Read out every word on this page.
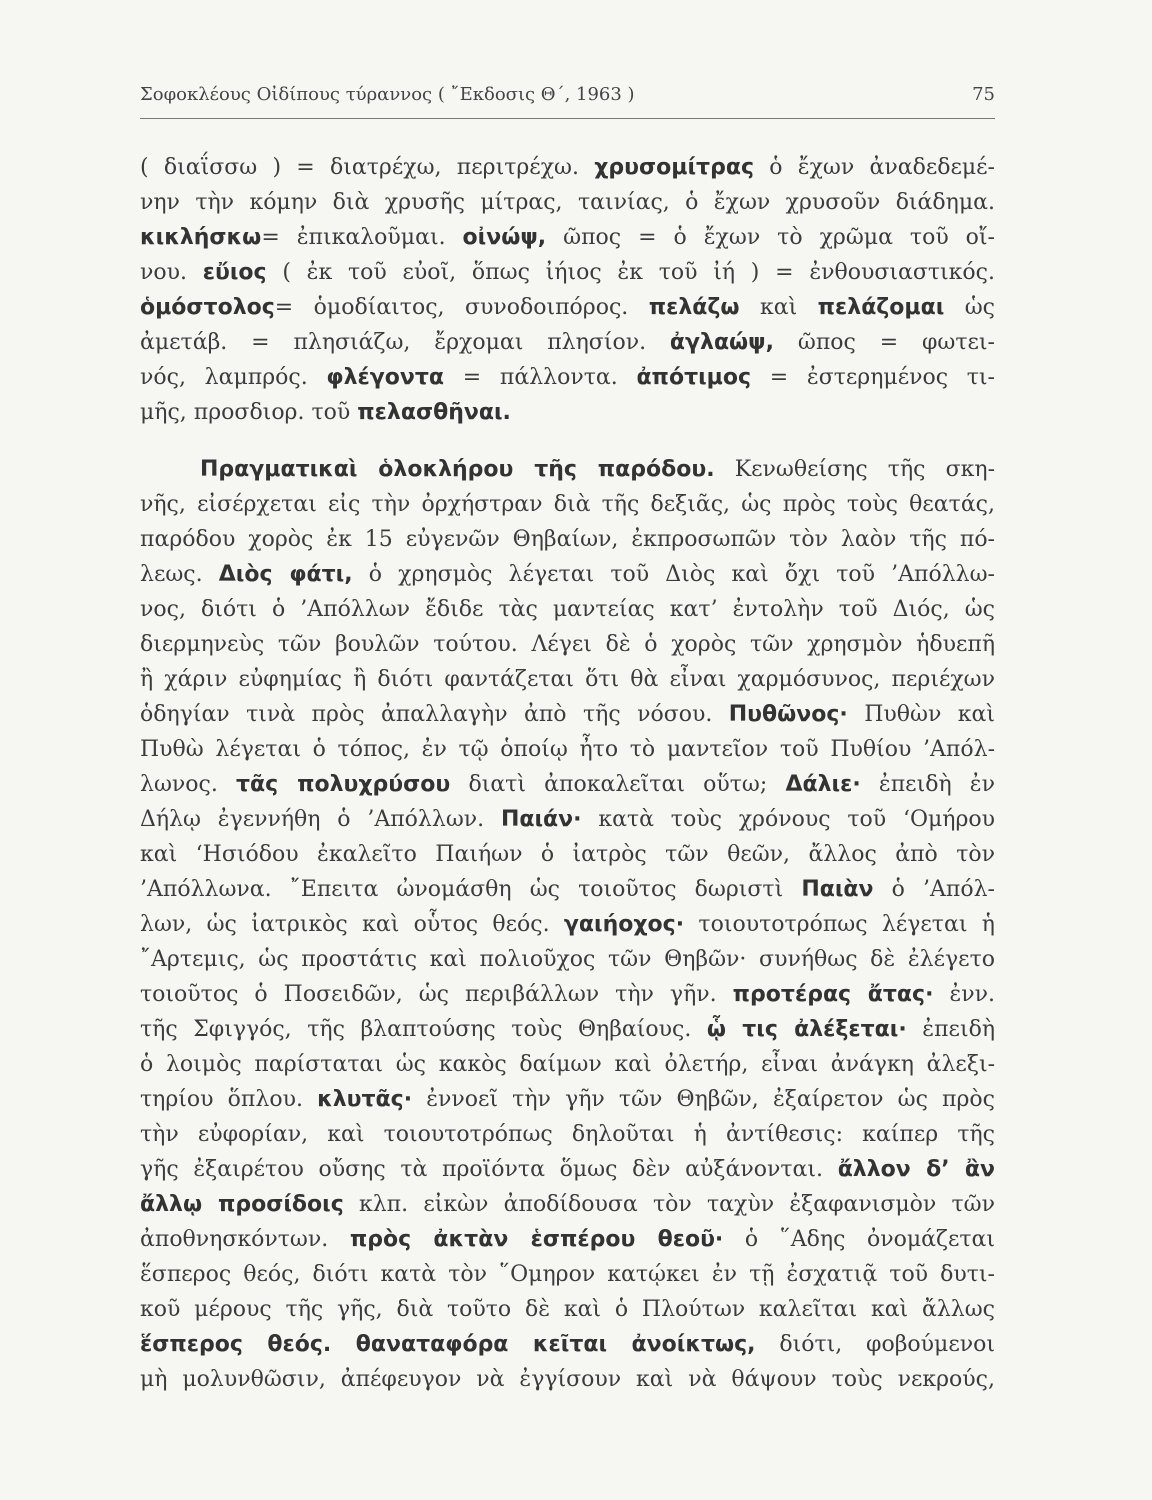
Σοφοκλέους Οἰδίπους τύραννος ( ῎Εκδοσις Θ΄, 1963 )	75
( διαΐσσω ) = διατρέχω, περιτρέχω. χρυσομίτρας ὁ ἔχων ἀναδεδεμέ-
νην τὴν κόμην διὰ χρυσῆς μίτρας, ταινίας, ὁ ἔχων χρυσοῦν διάδημα.
κικλήσκω= ἐπικαλοῦμαι. οἰνώψ, ῶπος = ὁ ἔχων τὸ χρῶμα τοῦ οἴ-
νου. εὔιος ( ἐκ τοῦ εὐοῖ, ὅπως ἰήιος ἐκ τοῦ ἰή ) = ἐνθουσιαστικός.
ὁμόστολος= ὁμοδίαιτος, συνοδοιπόρος. πελάζω καὶ πελάζομαι ὡς
ἀμετάβ. = πλησιάζω, ἔρχομαι πλησίον. ἀγλαώψ, ῶπος = φωτει-
νός, λαμπρός. φλέγοντα = πάλλοντα. ἀπότιμος = ἐστερημένος τι-
μῆς, προσδιορ. τοῦ πελασθῆναι.
Πραγματικαὶ ὁλοκλήρου τῆς παρόδου. Κενωθείσης τῆς σκη-
νῆς, εἰσέρχεται εἰς τὴν ὀρχήστραν διὰ τῆς δεξιᾶς, ὡς πρὸς τοὺς θεατάς,
παρόδου χορὸς ἐκ 15 εὐγενῶν Θηβαίων, ἐκπροσωπῶν τὸν λαὸν τῆς πό-
λεως. Διὸς φάτι, ὁ χρησμὸς λέγεται τοῦ Διὸς καὶ ὄχι τοῦ ’Απόλλω-
νος, διότι ὁ ’Απόλλων ἔδιδε τὰς μαντείας κατ’ ἐντολὴν τοῦ Διός, ὡς
διερμηνεὺς τῶν βουλῶν τούτου. Λέγει δὲ ὁ χορὸς τῶν χρησμὸν ἡδυεπῆ
ἢ χάριν εὐφημίας ἢ διότι φαντάζεται ὅτι θὰ εἶναι χαρμόσυνος, περιέχων
ὁδηγίαν τινὰ πρὸς ἀπαλλαγὴν ἀπὸ τῆς νόσου. Πυθῶνος· Πυθὼν καὶ
Πυθὼ λέγεται ὁ τόπος, ἐν τῷ ὁποίῳ ἦτο τὸ μαντεῖον τοῦ Πυθίου ’Απόλ-
λωνος. τᾶς πολυχρύσου διατὶ ἀποκαλεῖται οὕτω; Δάλιε· ἐπειδὴ ἐν
Δήλῳ ἐγεννήθη ὁ ’Απόλλων. Παιάν· κατὰ τοὺς χρόνους τοῦ ‘Ομήρου
καὶ ‘Ησιόδου ἐκαλεῖτο Παιήων ὁ ἰατρὸς τῶν θεῶν, ἄλλος ἀπὸ τὸν
’Απόλλωνα. ῎Επειτα ὠνομάσθη ὡς τοιοῦτος δωριστὶ Παιὰν ὁ ’Απόλ-
λων, ὡς ἰατρικὸς καὶ οὗτος θεός. γαιήοχος· τοιουτοτρόπως λέγεται ἡ
῎Αρτεμις, ὡς προστάτις καὶ πολιοῦχος τῶν Θηβῶν· συνήθως δὲ ἐλέγετο
τοιοῦτος ὁ Ποσειδῶν, ὡς περιβάλλων τὴν γῆν. προτέρας ἄτας· ἐνν.
τῆς Σφιγγός, τῆς βλαπτούσης τοὺς Θηβαίους. ᾧ τις ἀλέξεται· ἐπειδὴ
ὁ λοιμὸς παρίσταται ὡς κακὸς δαίμων καὶ ὀλετήρ, εἶναι ἀνάγκη ἀλεξι-
τηρίου ὅπλου. κλυτᾶς· ἐννοεῖ τὴν γῆν τῶν Θηβῶν, ἐξαίρετον ὡς πρὸς
τὴν εὐφορίαν, καὶ τοιουτοτρόπως δηλοῦται ἡ ἀντίθεσις: καίπερ τῆς
γῆς ἐξαιρέτου οὔσης τὰ προϊόντα ὅμως δὲν αὐξάνονται. ἄλλον δ’ ἂν
ἄλλῳ προσίδοις κλπ. εἰκὼν ἀποδίδουσα τὸν ταχὺν ἐξαφανισμὸν τῶν
ἀποθνησκόντων. πρὸς ἀκτὰν ἑσπέρου θεοῦ· ὁ ῞Αδης ὀνομάζεται
ἕσπερος θεός, διότι κατὰ τὸν ῞Ομηρον κατῴκει ἐν τῇ ἐσχατιᾷ τοῦ δυτι-
κοῦ μέρους τῆς γῆς, διὰ τοῦτο δὲ καὶ ὁ Πλούτων καλεῖται καὶ ἄλλως
ἕσπερος θεός. θαναταφόρα κεῖται ἀνοίκτως, διότι, φοβούμενοι
μὴ μολυνθῶσιν, ἀπέφευγον νὰ ἐγγίσουν καὶ νὰ θάψουν τοὺς νεκρούς,
